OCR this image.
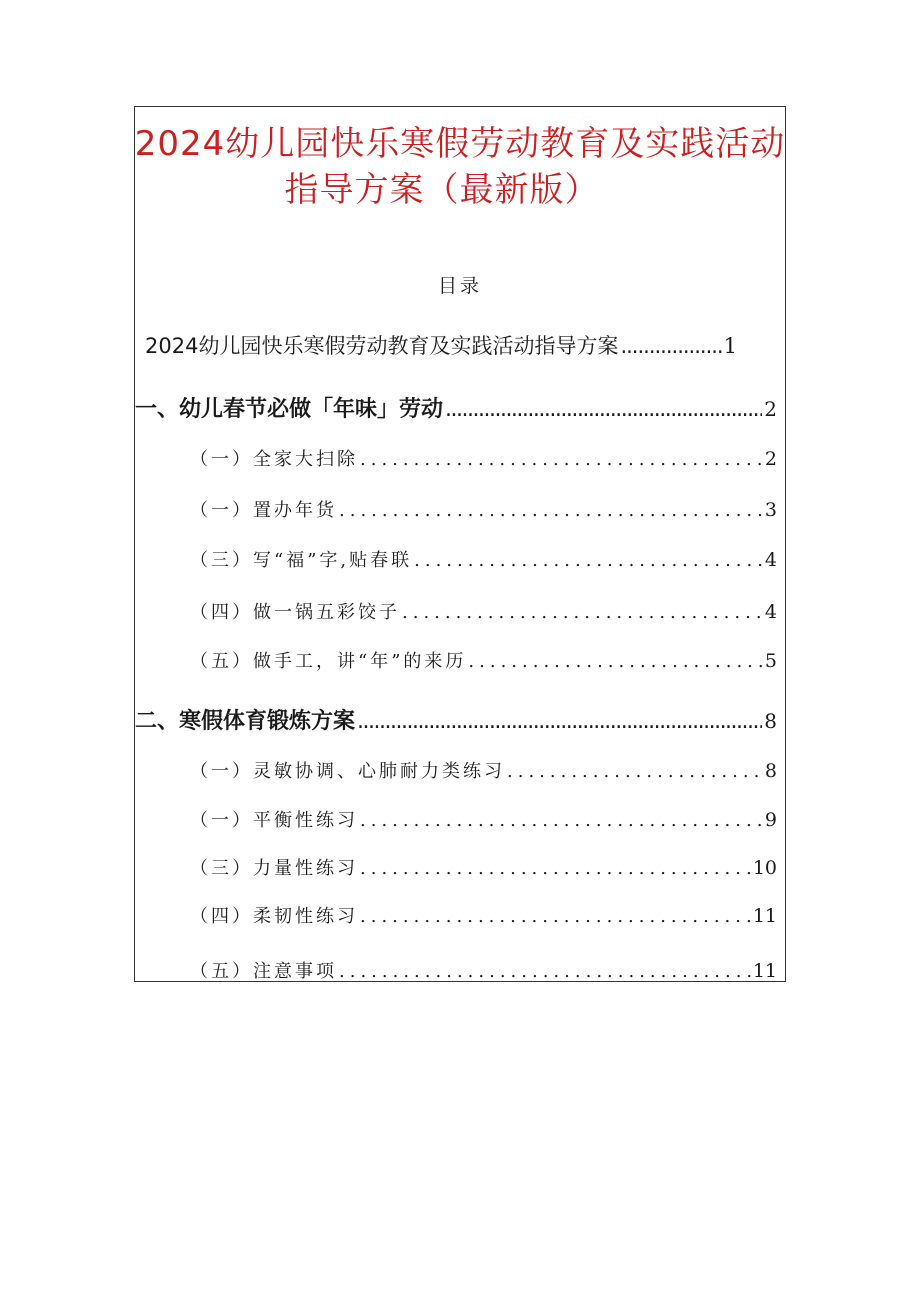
2024幼儿园快乐寒假劳动教育及实践活动
指导方案（最新版）
目录
2024幼儿园快乐寒假劳动教育及实践活动指导方案 .....	1
一、幼儿春节必做「年味」劳动 .....	2
（一）全家大扫除 .....	2
（一）置办年货 .....	3
（三）写“福”字,贴春联 .....	4
（四）做一锅五彩饺子 .....	4
（五）做手工，讲“年”的来历 .....	5
二、寒假体育锻炼方案 .....	8
（一）灵敏协调、心肺耐力类练习 .....	8
（一）平衡性练习 .....	9
（三）力量性练习 .....	10
（四）柔韧性练习 .....	11
（五）注意事项 .....	11
